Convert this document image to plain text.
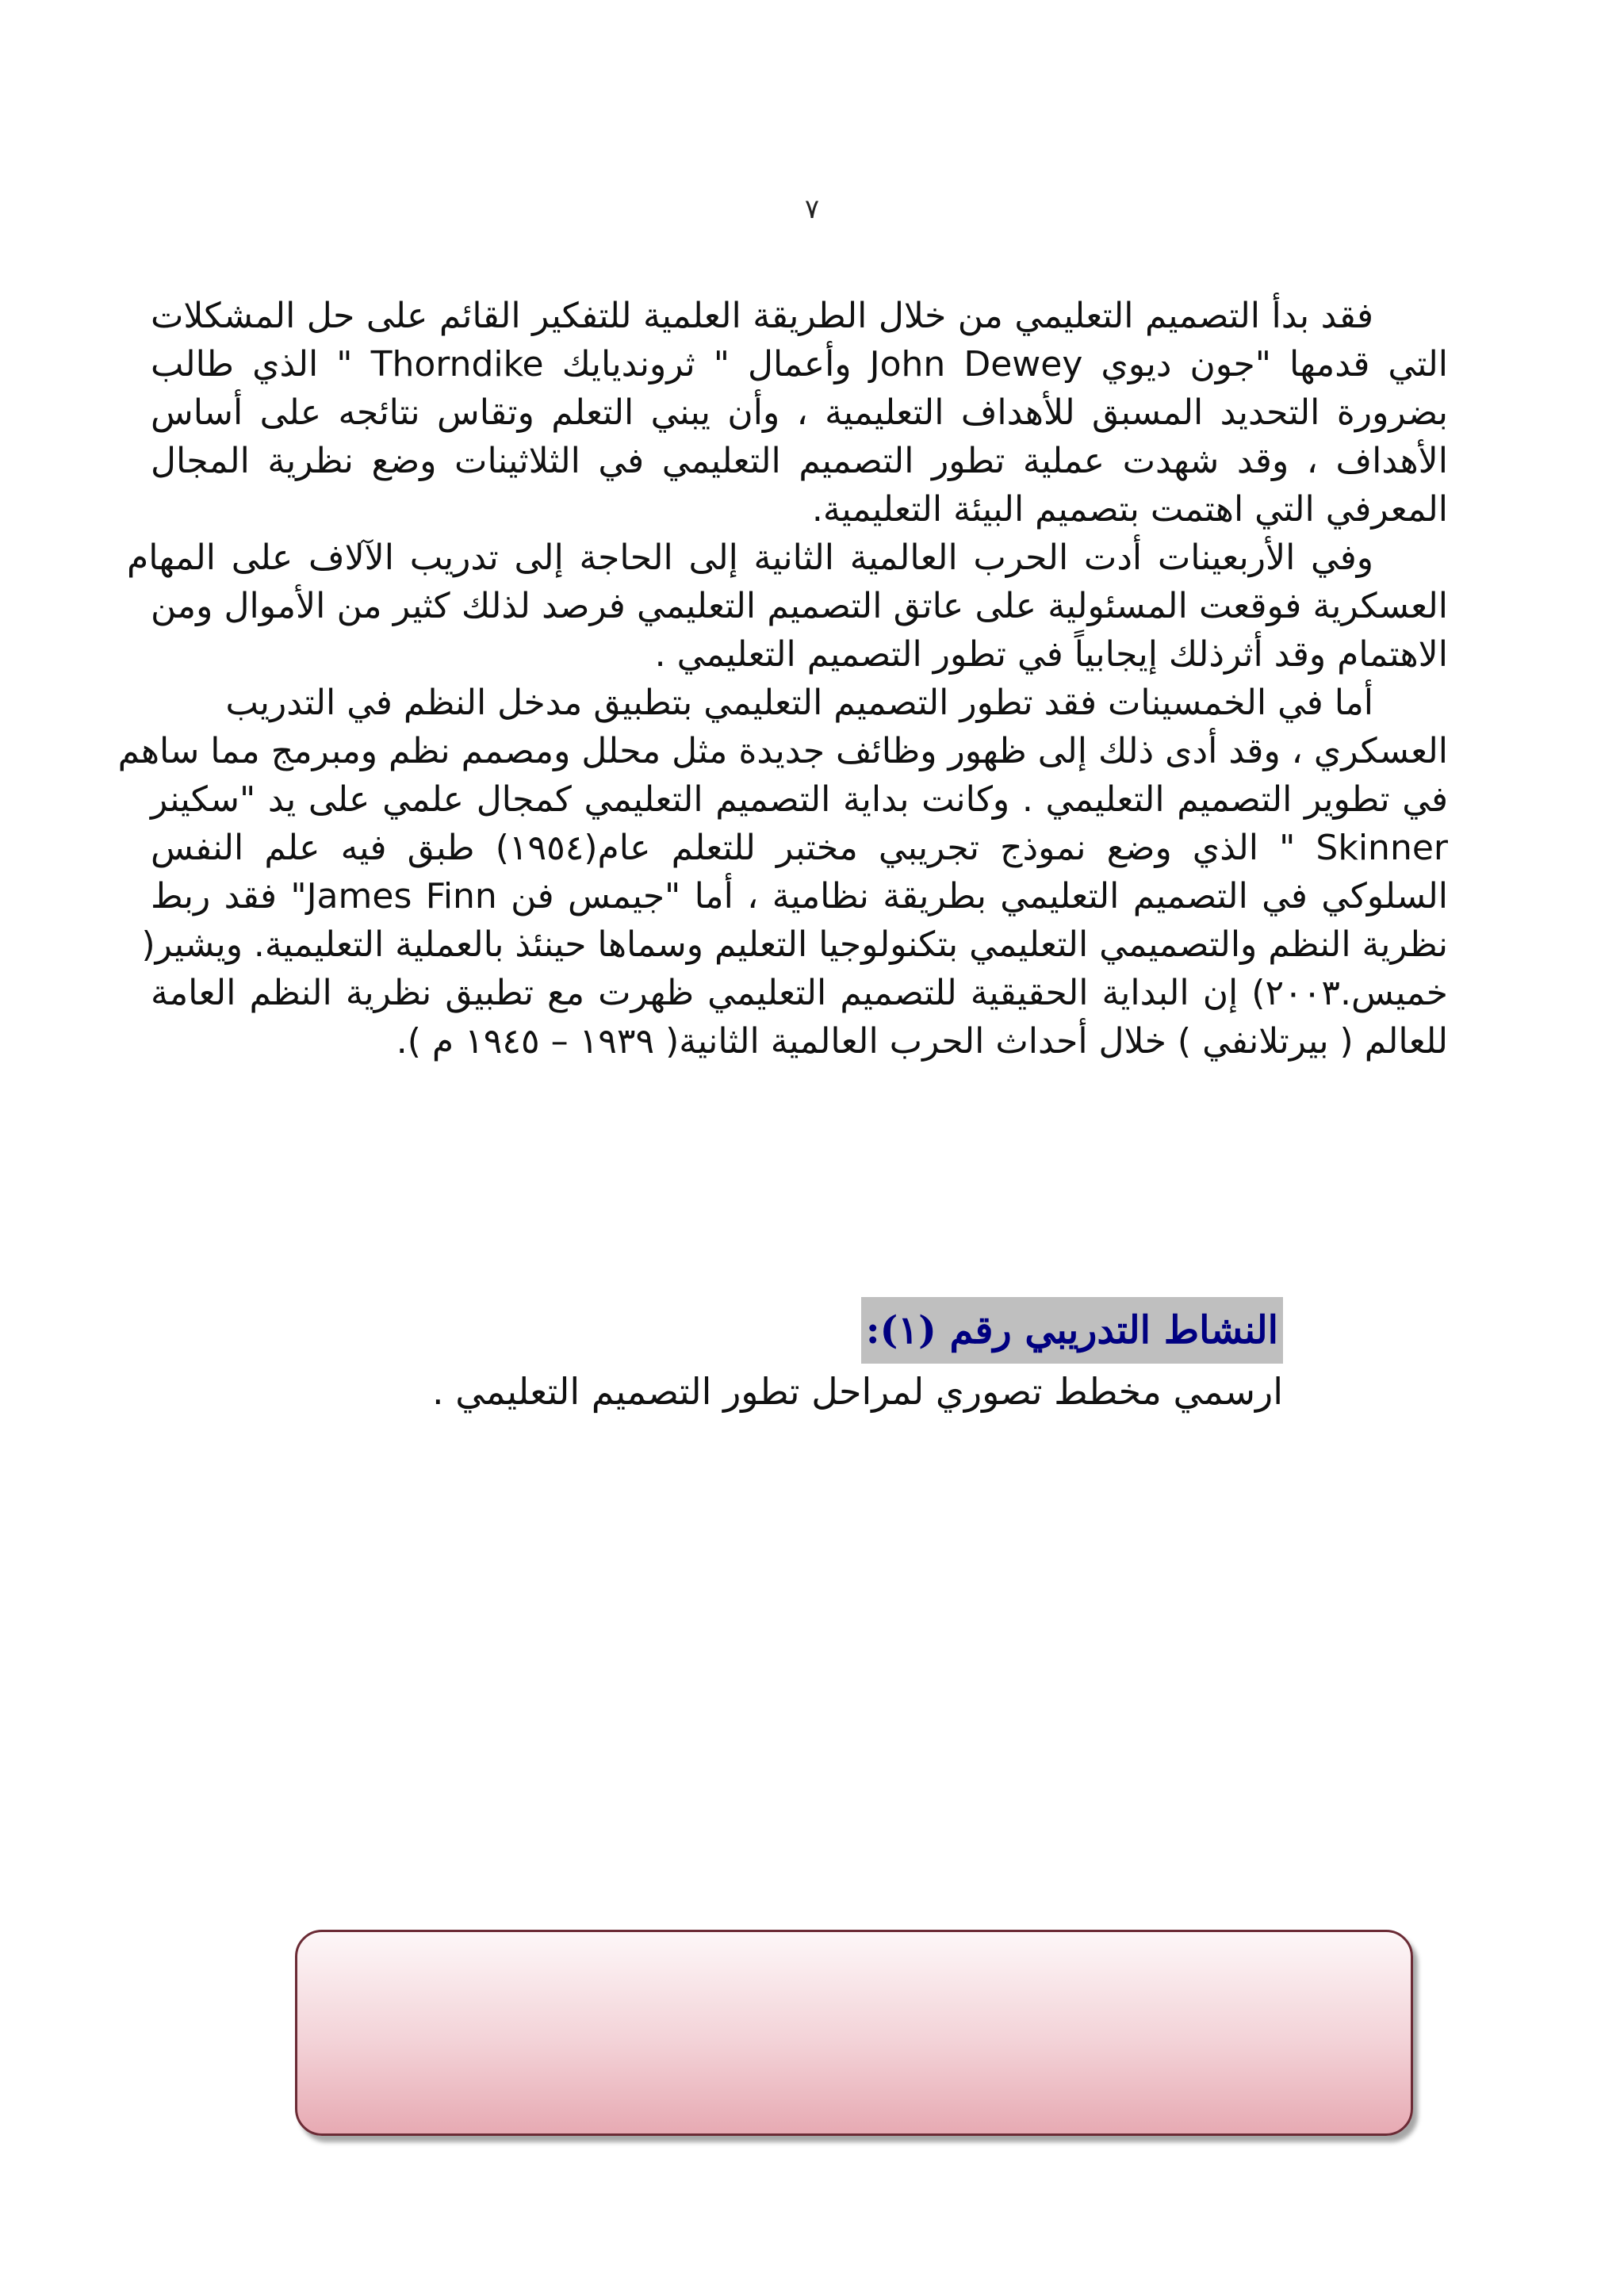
٧
فقد بدأ التصميم التعليمي من خلال الطريقة العلمية للتفكير القائم على حل المشكلات
التي قدمها "جون ديوي John Dewey وأعمال " ثرونديايك Thorndike " الذي طالب
بضرورة التحديد المسبق للأهداف التعليمية ، وأن يبني التعلم وتقاس نتائجه على أساس
الأهداف ، وقد شهدت عملية تطور التصميم التعليمي في الثلاثينات وضع نظرية المجال
المعرفي التي اهتمت بتصميم البيئة التعليمية.
وفي الأربعينات أدت الحرب العالمية الثانية إلى الحاجة إلى تدريب الآلاف على المهام
العسكرية فوقعت المسئولية على عاتق التصميم التعليمي فرصد لذلك كثير من الأموال ومن
الاهتمام وقد أثرذلك إيجابياً في تطور التصميم التعليمي .
أما في الخمسينات فقد تطور التصميم التعليمي بتطبيق مدخل النظم في التدريب
العسكري ، وقد أدى ذلك إلى ظهور وظائف جديدة مثل محلل ومصمم نظم ومبرمج مما ساهم
في تطوير التصميم التعليمي . وكانت بداية التصميم التعليمي كمجال علمي على يد "سكينر
Skinner " الذي وضع نموذج تجريبي مختبر للتعلم عام(١٩٥٤) طبق فيه علم النفس
السلوكي في التصميم التعليمي بطريقة نظامية ، أما "جيمس فن James Finn" فقد ربط
نظرية النظم والتصميمي التعليمي بتكنولوجيا التعليم وسماها حينئذ بالعملية التعليمية. ويشير(
خميس.٢٠٠٣) إن البداية الحقيقية للتصميم التعليمي ظهرت مع تطبيق نظرية النظم العامة
للعالم ( بيرتلانفي ) خلال أحداث الحرب العالمية الثانية( ١٩٣٩ – ١٩٤٥ م ).
النشاط التدريبي رقم (١):
ارسمي مخطط تصوري لمراحل تطور التصميم التعليمي .
